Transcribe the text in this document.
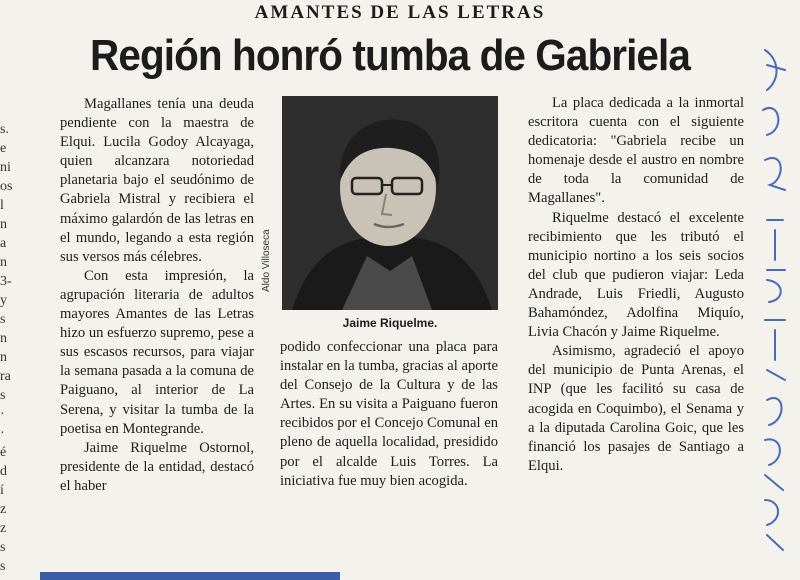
s.
e
ni
os
l
n
a
n
3-
y
s
n
n
ra
s
·
·
é
d
í
z
z
s
s
AMANTES DE LAS LETRAS
Región honró tumba de Gabriela

Magallanes tenía una deuda pendiente con la maestra de Elqui. Lucila Godoy Alcayaga, quien alcanzara notoriedad planetaria bajo el seudónimo de Gabriela Mistral y recibiera el máximo galardón de las letras en el mundo, legando a esta región sus versos más célebres.

Con esta impresión, la agrupación literaria de adultos mayores Amantes de las Letras hizo un esfuerzo supremo, pese a sus escasos recursos, para viajar la semana pasada a la comuna de Paiguano, al interior de La Serena, y visitar la tumba de la poetisa en Montegrande.

Jaime Riquelme Ostornol, presidente de la entidad, destacó el haber

Aldo Villoseca
Jaime Riquelme.

podido confeccionar una placa para instalar en la tumba, gracias al aporte del Consejo de la Cultura y de las Artes. En su visita a Paiguano fueron recibidos por el Concejo Comunal en pleno de aquella localidad, presidido por el alcalde Luis Torres. La iniciativa fue muy bien acogida.

La placa dedicada a la inmortal escritora cuenta con el siguiente dedicatoria: "Gabriela recibe un homenaje desde el austro en nombre de toda la comunidad de Magallanes".

Riquelme destacó el excelente recibimiento que les tributó el municipio nortino a los seis socios del club que pudieron viajar: Leda Andrade, Luis Friedli, Augusto Bahamóndez, Adolfina Miquío, Livia Chacón y Jaime Riquelme.

Asimismo, agradeció el apoyo del municipio de Punta Arenas, el INP (que les facilitó su casa de acogida en Coquimbo), el Senama y a la diputada Carolina Goic, que les financió los pasajes de Santiago a Elqui.
